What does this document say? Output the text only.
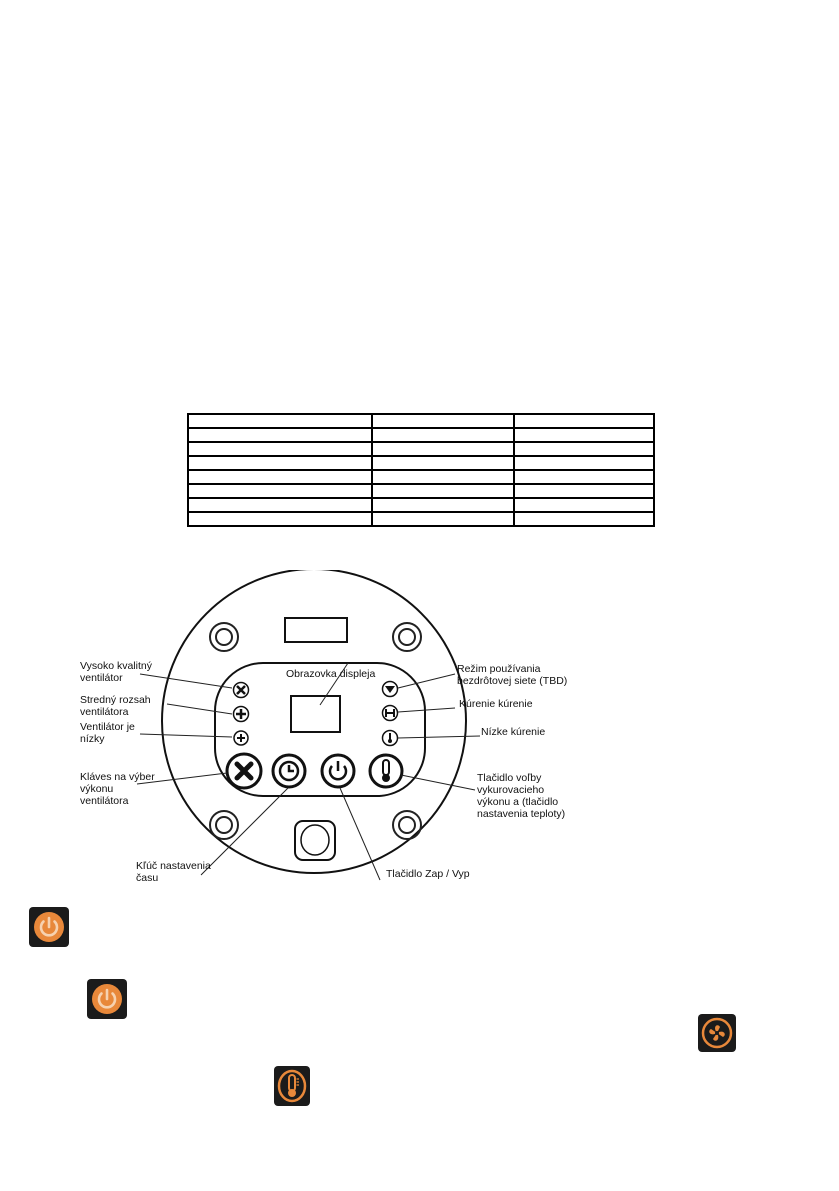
Vysoko kvalitný ventilátor
Stredný rozsah ventilátora
Ventilátor je nízky
Kláves na výber výkonu ventilátora
Obrazovka displeja	Režim používania bezdrôtovej siete (TBD)
Kúrenie kúrenie
Nízke kúrenie
Tlačidlo voľby vykurovacieho výkonu a (tlačidlo nastavenia teploty)
Kľúč nastavenia času	Tlačidlo Zap / Vyp
